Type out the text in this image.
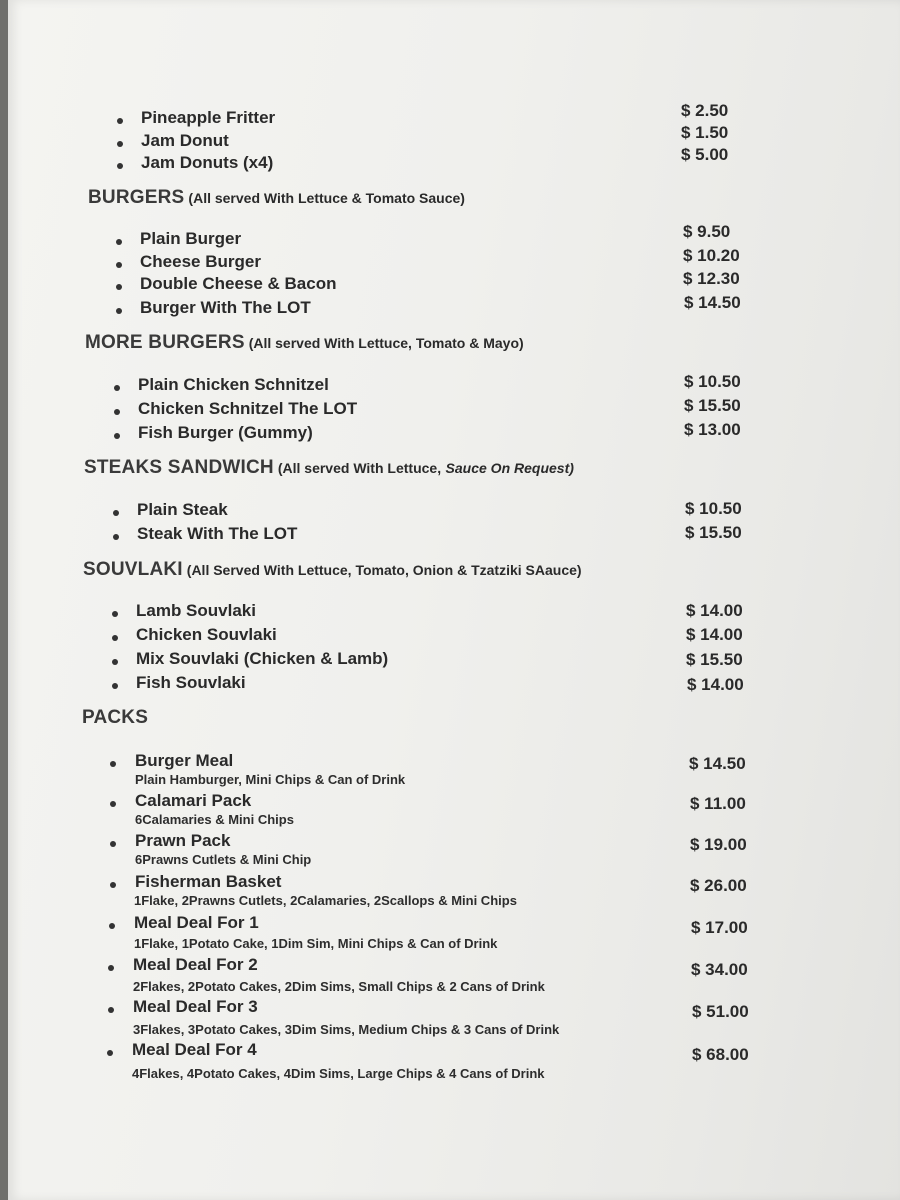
Pineapple Fritter	$ 2.50
Jam Donut	$ 1.50
Jam Donuts (x4)	$ 5.00
BURGERS (All served With Lettuce & Tomato Sauce)
Plain Burger	$ 9.50
Cheese Burger	$ 10.20
Double Cheese & Bacon	$ 12.30
Burger With The LOT	$ 14.50
MORE BURGERS (All served With Lettuce, Tomato & Mayo)
Plain Chicken Schnitzel	$ 10.50
Chicken Schnitzel The LOT	$ 15.50
Fish Burger (Gummy)	$ 13.00
STEAKS SANDWICH (All served With Lettuce, Sauce On Request)
Plain Steak	$ 10.50
Steak With The LOT	$ 15.50
SOUVLAKI (All Served With Lettuce, Tomato, Onion & Tzatziki SAauce)
Lamb Souvlaki	$ 14.00
Chicken Souvlaki	$ 14.00
Mix Souvlaki (Chicken & Lamb)	$ 15.50
Fish Souvlaki	$ 14.00
PACKS
Burger Meal
Plain Hamburger, Mini Chips & Can of Drink
$ 14.50
Calamari Pack
6Calamaries & Mini Chips
$ 11.00
Prawn Pack
6Prawns Cutlets & Mini Chip
$ 19.00
Fisherman Basket
1Flake, 2Prawns Cutlets, 2Calamaries, 2Scallops & Mini Chips
$ 26.00
Meal Deal For 1
1Flake, 1Potato Cake, 1Dim Sim, Mini Chips & Can of Drink
$ 17.00
Meal Deal For 2
2Flakes, 2Potato Cakes, 2Dim Sims, Small Chips & 2 Cans of Drink
$ 34.00
Meal Deal For 3
3Flakes, 3Potato Cakes, 3Dim Sims, Medium Chips & 3 Cans of Drink
$ 51.00
Meal Deal For 4
4Flakes, 4Potato Cakes, 4Dim Sims, Large Chips & 4 Cans of Drink
$ 68.00
